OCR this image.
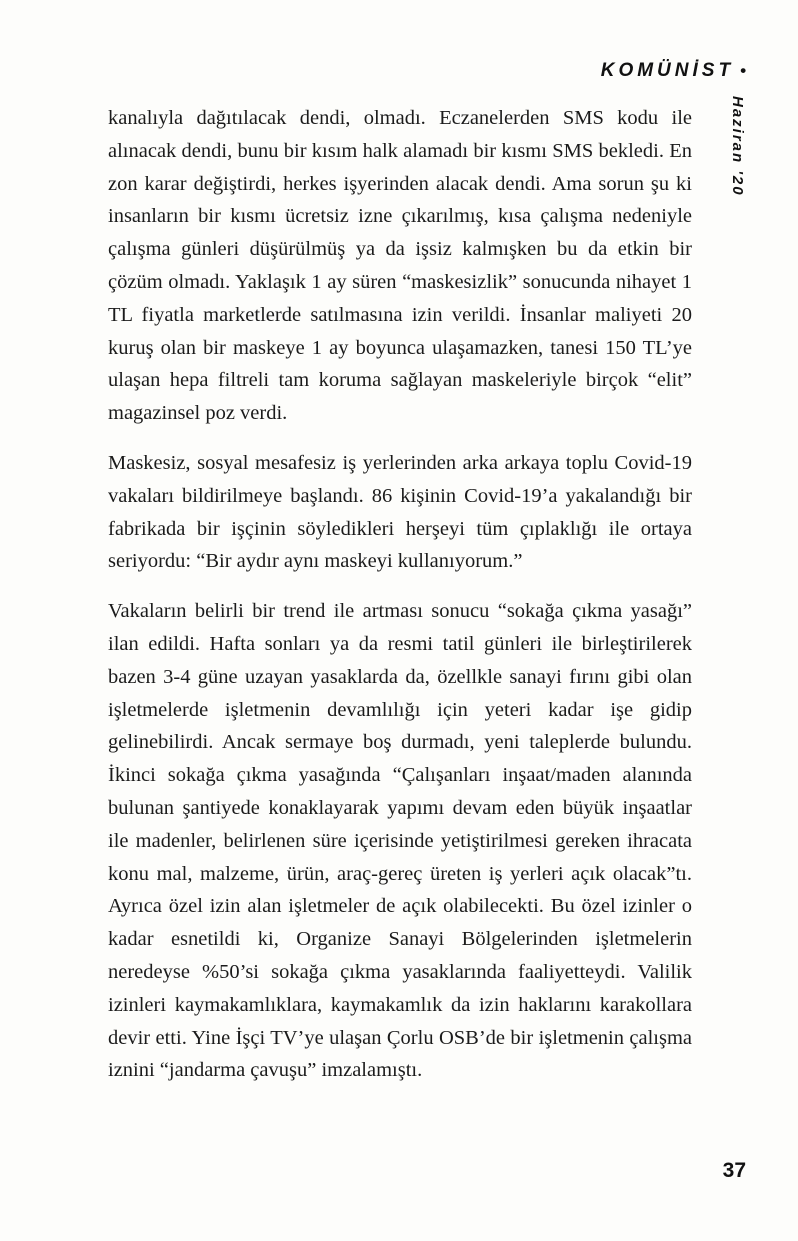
KOMÜNİST •
Haziran '20

kanalıyla dağıtılacak dendi, olmadı. Eczanelerden SMS kodu ile alınacak dendi, bunu bir kısım halk alamadı bir kısmı SMS bekledi. En zon karar değiştirdi, herkes işyerinden alacak dendi. Ama sorun şu ki insanların bir kısmı ücretsiz izne çıkarılmış, kısa çalışma nedeniyle çalışma günleri düşürülmüş ya da işsiz kalmışken bu da etkin bir çözüm olmadı. Yaklaşık 1 ay süren “maskesizlik” sonucunda nihayet 1 TL fiyatla marketlerde satılmasına izin verildi. İnsanlar maliyeti 20 kuruş olan bir maskeye 1 ay boyunca ulaşamazken, tanesi 150 TL’ye ulaşan hepa filtreli tam koruma sağlayan maskeleriyle birçok “elit” magazinsel poz verdi.

Maskesiz, sosyal mesafesiz iş yerlerinden arka arkaya toplu Covid-19 vakaları bildirilmeye başlandı. 86 kişinin Covid-19’a yakalandığı bir fabrikada bir işçinin söyledikleri herşeyi tüm çıplaklığı ile ortaya seriyordu: “Bir aydır aynı maskeyi kullanıyorum.”

Vakaların belirli bir trend ile artması sonucu “sokağa çıkma yasağı” ilan edildi. Hafta sonları ya da resmi tatil günleri ile birleştirilerek bazen 3-4 güne uzayan yasaklarda da, özellkle sanayi fırını gibi olan işletmelerde işletmenin devamlılığı için yeteri kadar işe gidip gelinebilirdi. Ancak sermaye boş durmadı, yeni taleplerde bulundu. İkinci sokağa çıkma yasağında “Çalışanları inşaat/maden alanında bulunan şantiyede konaklayarak yapımı devam eden büyük inşaatlar ile madenler, belirlenen süre içerisinde yetiştirilmesi gereken ihracata konu mal, malzeme, ürün, araç-gereç üreten iş yerleri açık olacak”tı. Ayrıca özel izin alan işletmeler de açık olabilecekti. Bu özel izinler o kadar esnetildi ki, Organize Sanayi Bölgelerinden işletmelerin neredeyse %50’si sokağa çıkma yasaklarında faaliyetteydi. Valilik izinleri kaymakamlıklara, kaymakamlık da izin haklarını karakollara devir etti. Yine İşçi TV’ye ulaşan Çorlu OSB’de bir işletmenin çalışma iznini “jandarma çavuşu” imzalamıştı.

37
